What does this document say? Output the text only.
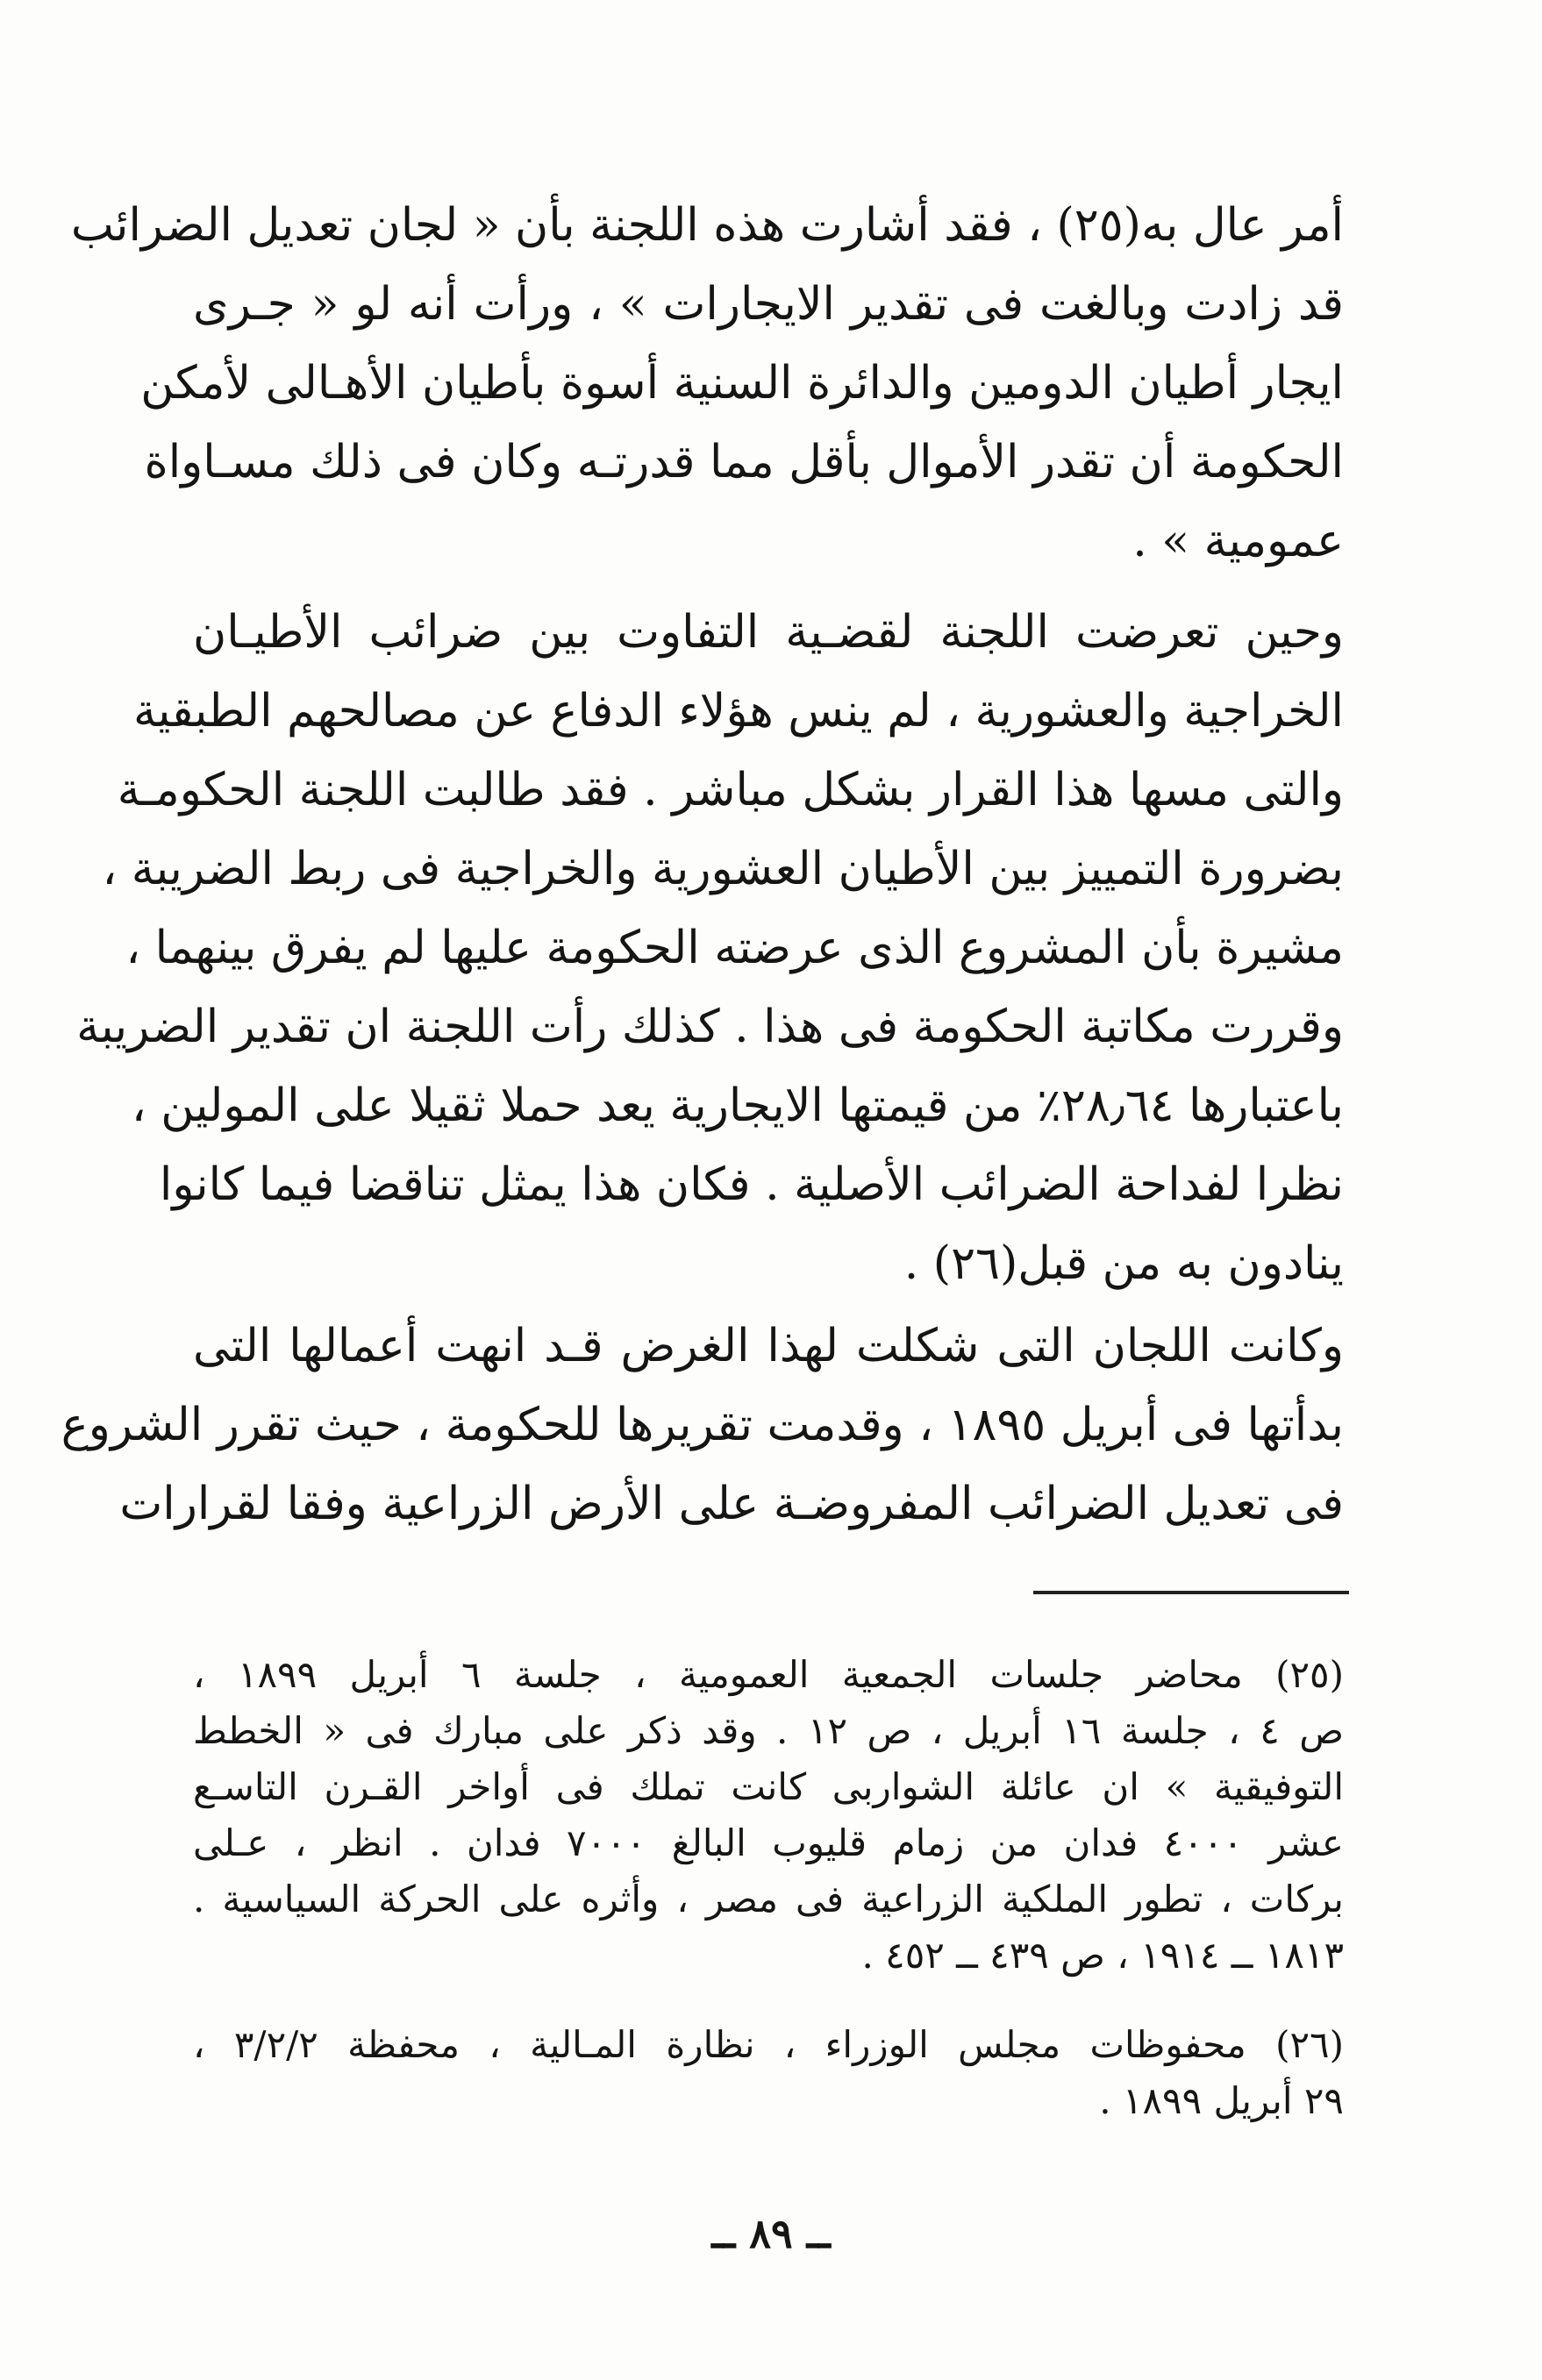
أمر عال به(٢٥) ، فقد أشارت هذه اللجنة بأن « لجان تعديل الضرائب
قد زادت وبالغت فى تقدير الايجارات » ، ورأت أنه لو « جـرى
ايجار أطيان الدومين والدائرة السنية أسوة بأطيان الأهـالى لأمكن
الحكومة أن تقدر الأموال بأقل مما قدرتـه وكان فى ذلك مسـاواة
عمومية » .
وحين تعرضت اللجنة لقضـية التفاوت بين ضرائب الأطيـان
الخراجية والعشورية ، لم ينس هؤلاء الدفاع عن مصالحهم الطبقية
والتى مسها هذا القرار بشكل مباشر . فقد طالبت اللجنة الحكومـة
بضرورة التمييز بين الأطيان العشورية والخراجية فى ربط الضريبة ،
مشيرة بأن المشروع الذى عرضته الحكومة عليها لم يفرق بينهما ،
وقررت مكاتبة الحكومة فى هذا . كذلك رأت اللجنة ان تقدير الضريبة
باعتبارها ٢٨٫٦٤٪ من قيمتها الايجارية يعد حملا ثقيلا على المولين ،
نظرا لفداحة الضرائب الأصلية . فكان هذا يمثل تناقضا فيما كانوا
ينادون به من قبل(٢٦) .
وكانت اللجان التى شكلت لهذا الغرض قـد انهت أعمالها التى
بدأتها فى أبريل ١٨٩٥ ، وقدمت تقريرها للحكومة ، حيث تقرر الشروع
فى تعديل الضرائب المفروضـة على الأرض الزراعية وفقا لقرارات
(٢٥) محاضر جلسات الجمعية العمومية ، جلسة ٦ أبريل ١٨٩٩ ،
ص ٤ ، جلسة ١٦ أبريل ، ص ١٢ . وقد ذكر على مبارك فى « الخطط
التوفيقية » ان عائلة الشواربى كانت تملك فى أواخر القـرن التاسـع
عشر ٤٠٠٠ فدان من زمام قليوب البالغ ٧٠٠٠ فدان . انظر ، عـلى
بركات ، تطور الملكية الزراعية فى مصر ، وأثره على الحركة السياسية .
١٨١٣ ــ ١٩١٤ ، ص ٤٣٩ ــ ٤٥٢ .
(٢٦) محفوظات مجلس الوزراء ، نظارة المـالية ، محفظة ٣/٢/٢ ،
٢٩ أبريل ١٨٩٩ .
ــ ٨٩ ــ
